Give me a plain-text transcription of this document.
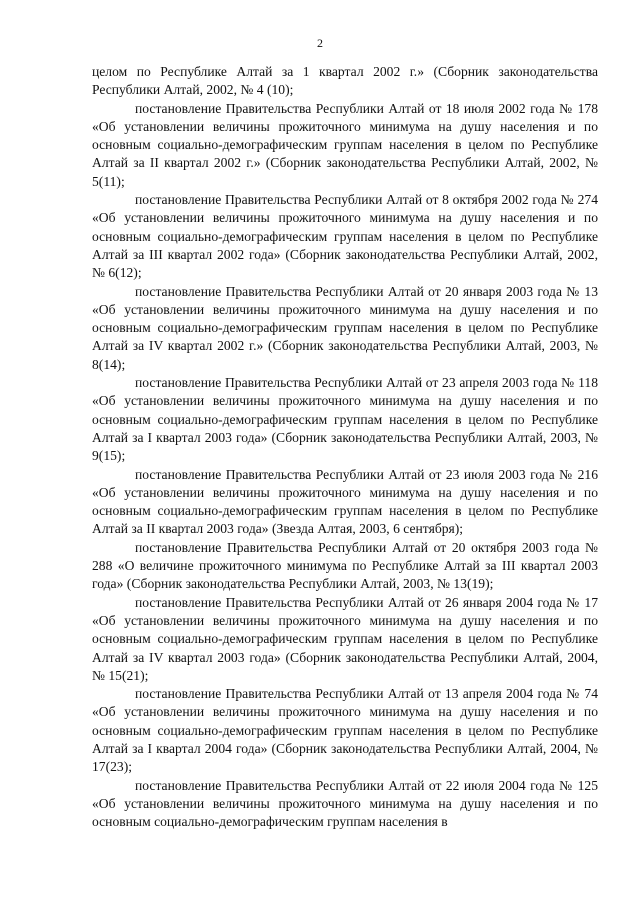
2

целом по Республике Алтай за 1 квартал 2002 г.» (Сборник законодательства Республики Алтай, 2002, № 4 (10);

постановление Правительства Республики Алтай от 18 июля 2002 года № 178 «Об установлении величины прожиточного минимума на душу населения и по основным социально-демографическим группам населения в целом по Республике Алтай за II квартал 2002 г.» (Сборник законодательства Республики Алтай, 2002, № 5(11);

постановление Правительства Республики Алтай от 8 октября 2002 года № 274 «Об установлении величины прожиточного минимума на душу населения и по основным социально-демографическим группам населения в целом по Республике Алтай за III квартал 2002 года» (Сборник законодательства Республики Алтай, 2002, № 6(12);

постановление Правительства Республики Алтай от 20 января 2003 года № 13 «Об установлении величины прожиточного минимума на душу населения и по основным социально-демографическим группам населения в целом по Республике Алтай за IV квартал 2002 г.» (Сборник законодательства Республики Алтай, 2003, № 8(14);

постановление Правительства Республики Алтай от 23 апреля 2003 года № 118 «Об установлении величины прожиточного минимума на душу населения и по основным социально-демографическим группам населения в целом по Республике Алтай за I квартал 2003 года» (Сборник законодательства Республики Алтай, 2003, № 9(15);

постановление Правительства Республики Алтай от 23 июля 2003 года № 216 «Об установлении величины прожиточного минимума на душу населения и по основным социально-демографическим группам населения в целом по Республике Алтай за II квартал 2003 года» (Звезда Алтая, 2003, 6 сентября);

постановление Правительства Республики Алтай от 20 октября 2003 года № 288 «О величине прожиточного минимума по Республике Алтай за III квартал 2003 года» (Сборник законодательства Республики Алтай, 2003, № 13(19);

постановление Правительства Республики Алтай от 26 января 2004 года № 17 «Об установлении величины прожиточного минимума на душу населения и по основным социально-демографическим группам населения в целом по Республике Алтай за IV квартал 2003 года» (Сборник законодательства Республики Алтай, 2004, № 15(21);

постановление Правительства Республики Алтай от 13 апреля 2004 года № 74 «Об установлении величины прожиточного минимума на душу населения и по основным социально-демографическим группам населения в целом по Республике Алтай за I квартал 2004 года» (Сборник законодательства Республики Алтай, 2004, № 17(23);

постановление Правительства Республики Алтай от 22 июля 2004 года № 125 «Об установлении величины прожиточного минимума на душу населения и по основным социально-демографическим группам населения в
